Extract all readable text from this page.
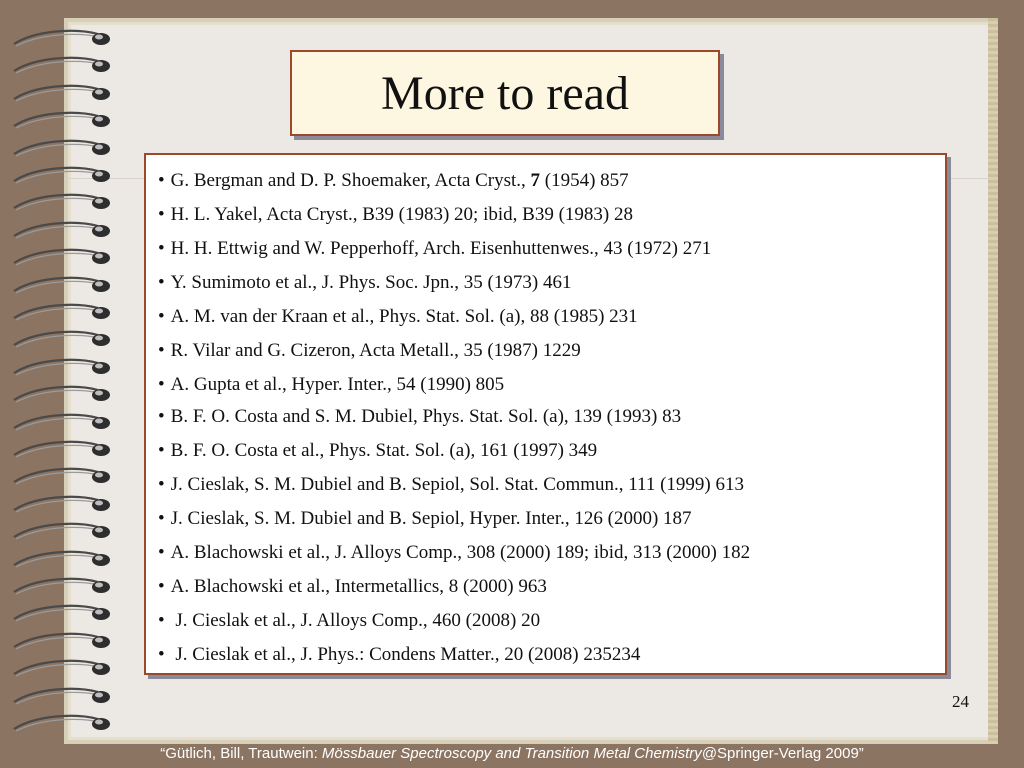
More to read
• G. Bergman and D. P. Shoemaker, Acta Cryst., 7 (1954) 857
• H. L. Yakel, Acta Cryst., B39 (1983) 20; ibid, B39 (1983) 28
• H. H. Ettwig and W. Pepperhoff, Arch. Eisenhuttenwes., 43 (1972) 271
• Y. Sumimoto et al., J. Phys. Soc. Jpn., 35 (1973) 461
• A. M. van der Kraan et al., Phys. Stat. Sol. (a), 88 (1985) 231
• R. Vilar and G. Cizeron, Acta Metall., 35 (1987) 1229
• A. Gupta et al., Hyper. Inter., 54 (1990) 805
• B. F. O. Costa and S. M. Dubiel, Phys. Stat. Sol. (a), 139 (1993) 83
• B. F. O. Costa et al., Phys. Stat. Sol. (a), 161 (1997) 349
• J. Cieslak, S. M. Dubiel and B. Sepiol, Sol. Stat. Commun., 111 (1999) 613
• J. Cieslak, S. M. Dubiel and B. Sepiol, Hyper. Inter., 126 (2000) 187
• A. Blachowski et al., J. Alloys Comp., 308 (2000) 189; ibid, 313 (2000) 182
• A. Blachowski et al., Intermetallics, 8 (2000) 963
• J. Cieslak et al., J. Alloys Comp., 460 (2008) 20
• J. Cieslak et al., J. Phys.: Condens Matter., 20 (2008) 235234
24
“Gütlich, Bill, Trautwein: Mössbauer Spectroscopy and Transition Metal Chemistry@Springer-Verlag 2009”
